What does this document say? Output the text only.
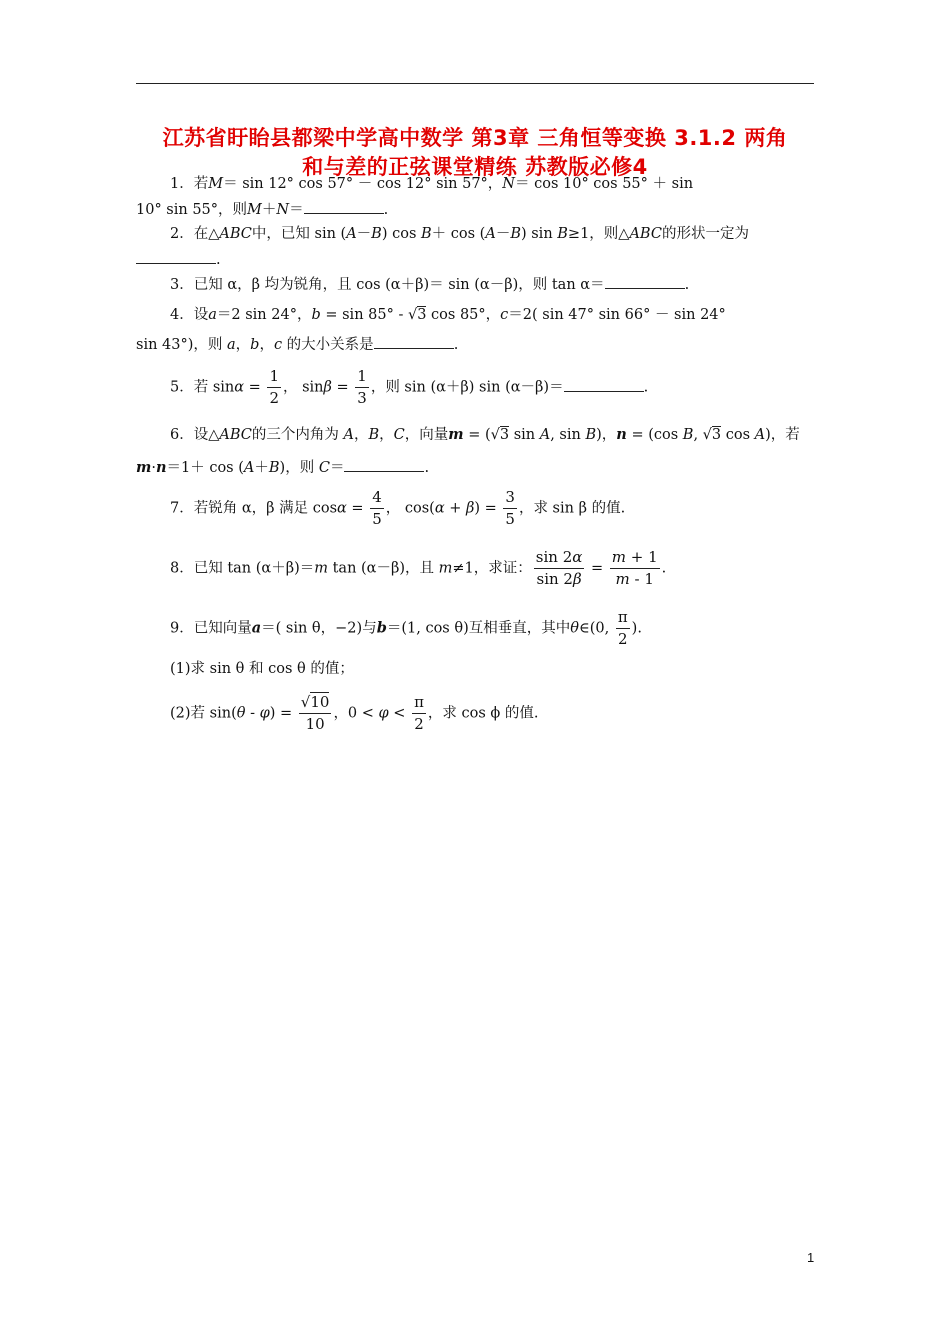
江苏省盱眙县都梁中学高中数学 第3章 三角恒等变换 3.1.2 两角
和与差的正弦课堂精练 苏教版必修4
1．若M＝ sin 12° cos 57° － cos 12° sin 57°，N＝ cos 10° cos 55° ＋ sin
10° sin 55°，则M＋N＝	.
2．在△ABC中，已知 sin (A－B) cos B＋ cos (A－B) sin B≥1，则△ABC的形状一定为
.
3．已知 α，β 均为锐角，且 cos (α＋β)＝ sin (α－β)，则 tan α＝	.
4．设a＝2 sin 24°，b = sin 85° - √3 cos 85°，c＝2( sin 47° sin 66° － sin 24°
sin 43°)，则 a，b，c 的大小关系是	.
5．若 $\sin\alpha = \frac{1}{2}$ ， $\sin\beta = \frac{1}{3}$ ，则 sin (α＋β) sin (α－β)＝	.
6．设△ABC的三个内角为 A，B，C，向量m = (√3 sin A, sin B)，n = (cos B, √3 cos A)，若
m·n＝1＋ cos (A＋B)，则 C＝	.
7．若锐角 α，β 满足 $\cos\alpha = \frac{4}{5}$ ， $\cos(\alpha + \beta) = \frac{3}{5}$ ，求 sin β 的值.
8．已知 tan (α＋β)＝m tan (α－β)，且 m≠1，求证： $\frac{\sin 2\alpha}{\sin 2\beta} = \frac{m + 1}{m - 1}$ .
9．已知向量a＝( sin θ，−2)与b＝(1, cos θ)互相垂直，其中θ∈(0, $\frac{\pi}{2}$ ).
(1)求 sin θ 和 cos θ 的值；
(2)若 $\sin(\theta - \varphi) = \frac{√10}{10}$ ，$0 < \varphi < \frac{\pi}{2}$ ，求 cos ϕ 的值.
1
